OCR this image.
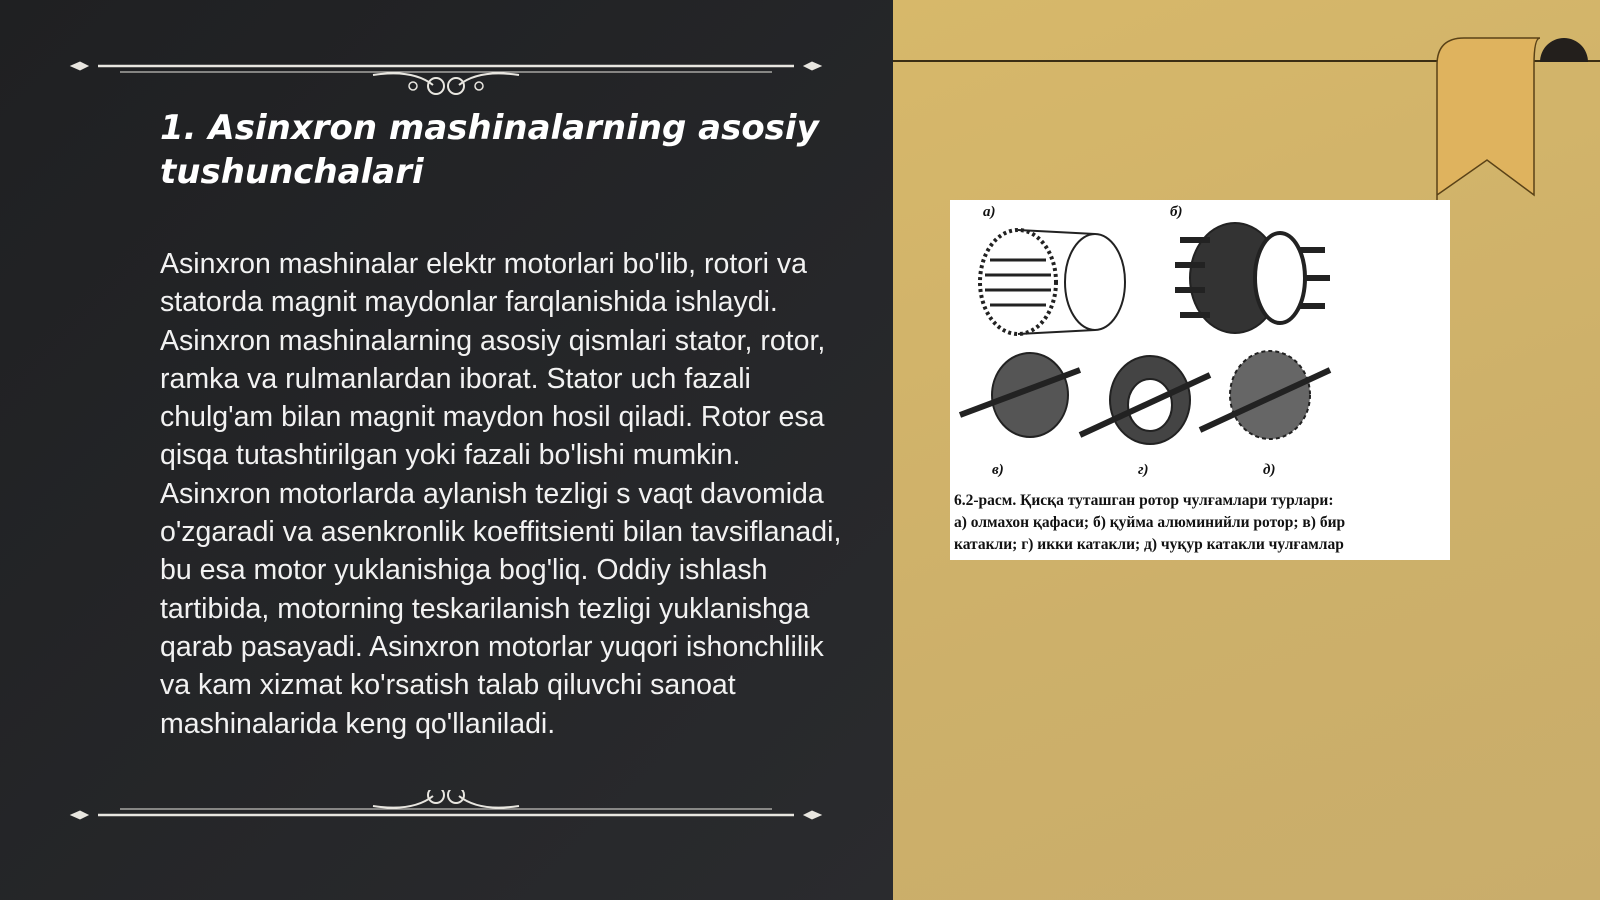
1. Asinxron mashinalarning asosiy tushunchalari

Asinxron mashinalar elektr motorlari bo'lib, rotori va statorda magnit maydonlar farqlanishida ishlaydi. Asinxron mashinalarning asosiy qismlari stator, rotor, ramka va rulmanlardan iborat. Stator uch fazali chulg'am bilan magnit maydon hosil qiladi. Rotor esa qisqa tutashtirilgan yoki fazali bo'lishi mumkin. Asinxron motorlarda aylanish tezligi s vaqt davomida o'zgaradi va asenkronlik koeffitsienti bilan tavsiflanadi, bu esa motor yuklanishiga bog'liq. Oddiy ishlash tartibida, motorning teskarilanish tezligi yuklanishga qarab pasayadi. Asinxron motorlar yuqori ishonchlilik va kam xizmat ko'rsatish talab qiluvchi sanoat mashinalarida keng qo'llaniladi.

а)	б)
в)	г)	д)
6.2-расм. Қисқа туташган ротор чулғамлари турлари:
а) олмахон қафаси; б) қуйма алюминийли ротор; в) бир
катакли; г) икки катакли; д) чуқур катакли чулғамлар
